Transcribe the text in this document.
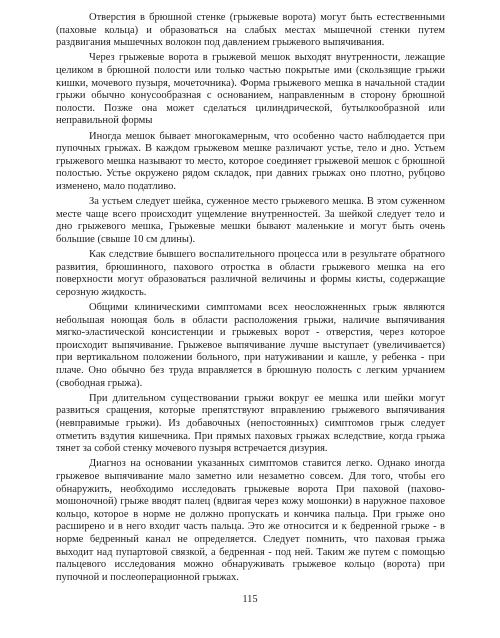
Отверстия в брюшной стенке (грыжевые ворота) могут быть естественными (паховые кольца) и образоваться на слабых местах мышечной стенки путем раздвигания мышечных волокон под давлением грыжевого выпячивания.

Через грыжевые ворота в грыжевой мешок выходят внутренности, лежащие целиком в брюшной полости или только частью покрытые ими (скользящие грыжи кишки, мочевого пузыря, мочеточника). Форма грыжевого мешка в начальной стадии грыжи обычно конусообразная с основанием, направленным в сторону брюшной полости. Позже она может сделаться цилиндрической, бутылкообразной или неправильной формы

Иногда мешок бывает многокамерным, что особенно часто наблюдается при пупочных грыжах. В каждом грыжевом мешке различают устье, тело и дно. Устьем грыжевого мешка называют то место, которое соединяет грыжевой мешок с брюшной полостью. Устье окружено рядом складок, при давних грыжах оно плотно, рубцово изменено, мало податливо.

За устьем следует шейка, суженное место грыжевого мешка. В этом суженном месте чаще всего происходит ущемление внутренностей. За шейкой следует тело и дно грыжевого мешка, Грыжевые мешки бывают маленькие и могут быть очень большие (свыше 10 см длины).

Как следствие бывшего воспалительного процесса или в результате обратного развития, брюшинного, пахового отростка в области грыжевого мешка на его поверхности могут образоваться различной величины и формы кисты, содержащие серозную жидкость.

Общими клиническими симптомами всех неосложненных грыж являются небольшая ноющая боль в области расположения грыжи, наличие выпячивания мягко-эластической консистенции и грыжевых ворот - отверстия, через которое происходит выпячивание. Грыжевое выпячивание лучше выступает (увеличивается) при вертикальном положении больного, при натуживании и кашле, у ребенка - при плаче. Оно обычно без труда вправляется в брюшную полость с легким урчанием (свободная грыжа).

При длительном существовании грыжи вокруг ее мешка или шейки могут развиться сращения, которые препятствуют вправлению грыжевого выпячивания (невправимые грыжи). Из добавочных (непостоянных) симптомов грыж следует отметить вздутия кишечника. При прямых паховых грыжах вследствие, когда грыжа тянет за собой стенку мочевого пузыря встречается дизурия.

Диагноз на основании указанных симптомов ставится легко. Однако иногда грыжевое выпячивание мало заметно или незаметно совсем. Для того, чтобы его обнаружить, необходимо исследовать грыжевые ворота При паховой (пахово-мошоночной) грыже вводят палец (вдвигая через кожу мошонки) в наружное паховое кольцо, которое в норме не должно пропускать и кончика пальца. При грыже оно расширено и в него входит часть пальца. Это же относится и к бедренной грыже - в норме бедренный канал не определяется. Следует помнить, что паховая грыжа выходит над пупартовой связкой, а бедренная - под ней. Таким же путем с помощью пальцевого исследования можно обнаруживать грыжевое кольцо (ворота) при пупочной и послеоперационной грыжах.

115
